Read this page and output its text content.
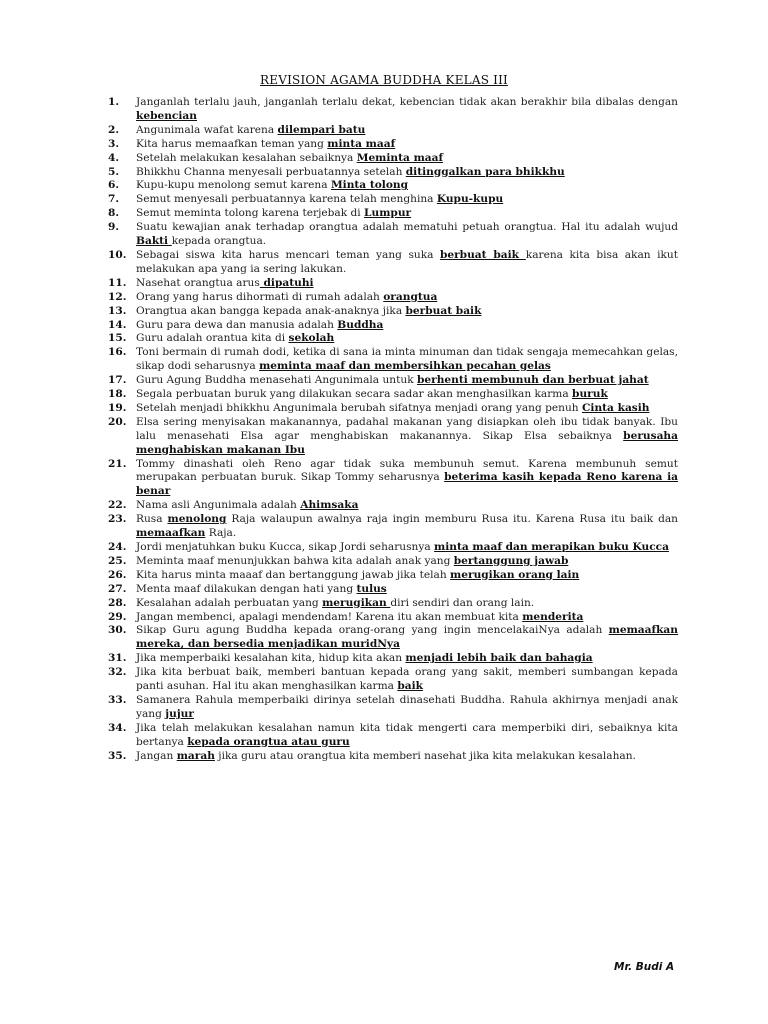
REVISION AGAMA BUDDHA KELAS III
1.	Janganlah terlalu jauh, janganlah terlalu dekat, kebencian tidak akan berakhir bila dibalas dengan kebencian
2.	Angunimala wafat karena dilempari batu
3.	Kita harus memaafkan teman yang minta maaf
4.	Setelah melakukan kesalahan sebaiknya Meminta maaf
5.	Bhikkhu Channa menyesali perbuatannya setelah ditinggalkan para bhikkhu
6.	Kupu-kupu menolong semut karena Minta tolong
7.	Semut menyesali perbuatannya karena telah menghina Kupu-kupu
8.	Semut meminta tolong karena terjebak di Lumpur
9.	Suatu kewajian anak terhadap orangtua adalah mematuhi petuah orangtua. Hal itu adalah wujud Bakti kepada orangtua.
10. Sebagai siswa kita harus mencari teman yang suka berbuat baik karena kita bisa akan ikut melakukan apa yang ia sering lakukan.
11. Nasehat orangtua arus dipatuhi
12. Orang yang harus dihormati di rumah adalah orangtua
13. Orangtua akan bangga kepada anak-anaknya jika berbuat baik
14. Guru para dewa dan manusia adalah Buddha
15. Guru adalah orantua kita di sekolah
16. Toni bermain di rumah dodi, ketika di sana ia minta minuman dan tidak sengaja memecahkan gelas, sikap dodi seharusnya meminta maaf dan membersihkan pecahan gelas
17. Guru Agung Buddha menasehati Angunimala untuk berhenti membunuh dan berbuat jahat
18. Segala perbuatan buruk yang dilakukan secara sadar akan menghasilkan karma buruk
19. Setelah menjadi bhikkhu Angunimala berubah sifatnya menjadi orang yang penuh Cinta kasih
20. Elsa sering menyisakan makanannya, padahal makanan yang disiapkan oleh ibu tidak banyak. Ibu lalu menasehati Elsa agar menghabiskan makanannya. Sikap Elsa sebaiknya berusaha menghabiskan makanan Ibu
21. Tommy dinashati oleh Reno agar tidak suka membunuh semut. Karena membunuh semut merupakan perbuatan buruk. Sikap Tommy seharusnya beterima kasih kepada Reno karena ia benar
22. Nama asli Angunimala adalah Ahimsaka
23. Rusa menolong Raja walaupun awalnya raja ingin memburu Rusa itu. Karena Rusa itu baik dan memaafkan Raja.
24. Jordi menjatuhkan buku Kucca, sikap Jordi seharusnya minta maaf dan merapikan buku Kucca
25. Meminta maaf menunjukkan bahwa kita adalah anak yang bertanggung jawab
26. Kita harus minta maaaf dan bertanggung jawab jika telah merugikan orang lain
27. Menta maaf dilakukan dengan hati yang tulus
28. Kesalahan adalah perbuatan yang merugikan diri sendiri dan orang lain.
29. Jangan membenci, apalagi mendendam! Karena itu akan membuat kita menderita
30. Sikap Guru agung Buddha kepada orang-orang yang ingin mencelakaiNya adalah memaafkan mereka, dan bersedia menjadikan muridNya
31. Jika memperbaiki kesalahan kita, hidup kita akan menjadi lebih baik dan bahagia
32. Jika kita berbuat baik, memberi bantuan kepada orang yang sakit, memberi sumbangan kepada panti asuhan. Hal itu akan menghasilkan karma baik
33. Samanera Rahula memperbaiki dirinya setelah dinasehati Buddha. Rahula akhirnya menjadi anak yang jujur
34. Jika telah melakukan kesalahan namun kita tidak mengerti cara memperbiki diri, sebaiknya kita bertanya kepada orangtua atau guru
35. Jangan marah jika guru atau orangtua kita memberi nasehat jika kita melakukan kesalahan.
Mr. Budi A
